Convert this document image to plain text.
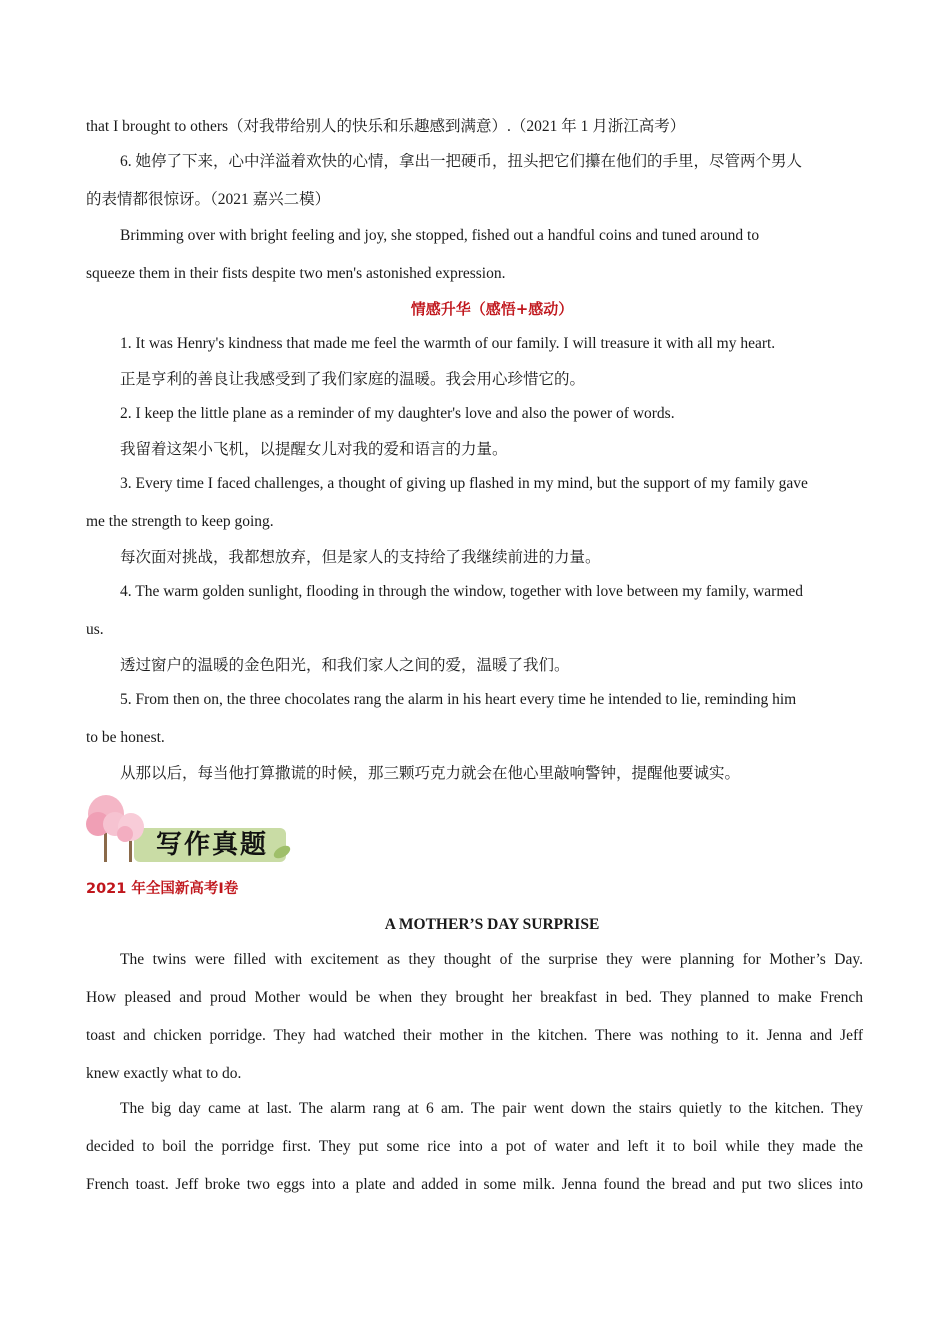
that I brought to others（对我带给别人的快乐和乐趣感到满意）.（2021 年 1 月浙江高考）

6. 她停了下来，心中洋溢着欢快的心情，拿出一把硬币，扭头把它们攥在他们的手里，尽管两个男人

的表情都很惊讶。（2021 嘉兴二模）

Brimming over with bright feeling and joy, she stopped, fished out a handful coins and tuned around to

squeeze them in their fists despite two men's astonished expression.

情感升华（感悟+感动）

1. It was Henry's kindness that made me feel the warmth of our family. I will treasure it with all my heart.

正是亨利的善良让我感受到了我们家庭的温暖。我会用心珍惜它的。

2. I keep the little plane as a reminder of my daughter's love and also the power of words.

我留着这架小飞机，以提醒女儿对我的爱和语言的力量。

3. Every time I faced challenges, a thought of giving up flashed in my mind, but the support of my family gave

me the strength to keep going.

每次面对挑战，我都想放弃，但是家人的支持给了我继续前进的力量。

4. The warm golden sunlight, flooding in through the window, together with love between my family, warmed

us.

透过窗户的温暖的金色阳光，和我们家人之间的爱，温暖了我们。

5. From then on, the three chocolates rang the alarm in his heart every time he intended to lie, reminding him

to be honest.

从那以后，每当他打算撒谎的时候，那三颗巧克力就会在他心里敲响警钟，提醒他要诚实。

写作真题

2021 年全国新高考Ⅰ卷

A MOTHER’S DAY SURPRISE

The twins were filled with excitement as they thought of the surprise they were planning for Mother’s Day.

How pleased and proud Mother would be when they brought her breakfast in bed. They planned to make French

toast and chicken porridge. They had watched their mother in the kitchen. There was nothing to it. Jenna and Jeff

knew exactly what to do.

The big day came at last. The alarm rang at 6 am. The pair went down the stairs quietly to the kitchen. They

decided to boil the porridge first. They put some rice into a pot of water and left it to boil while they made the

French toast. Jeff broke two eggs into a plate and added in some milk. Jenna found the bread and put two slices into
